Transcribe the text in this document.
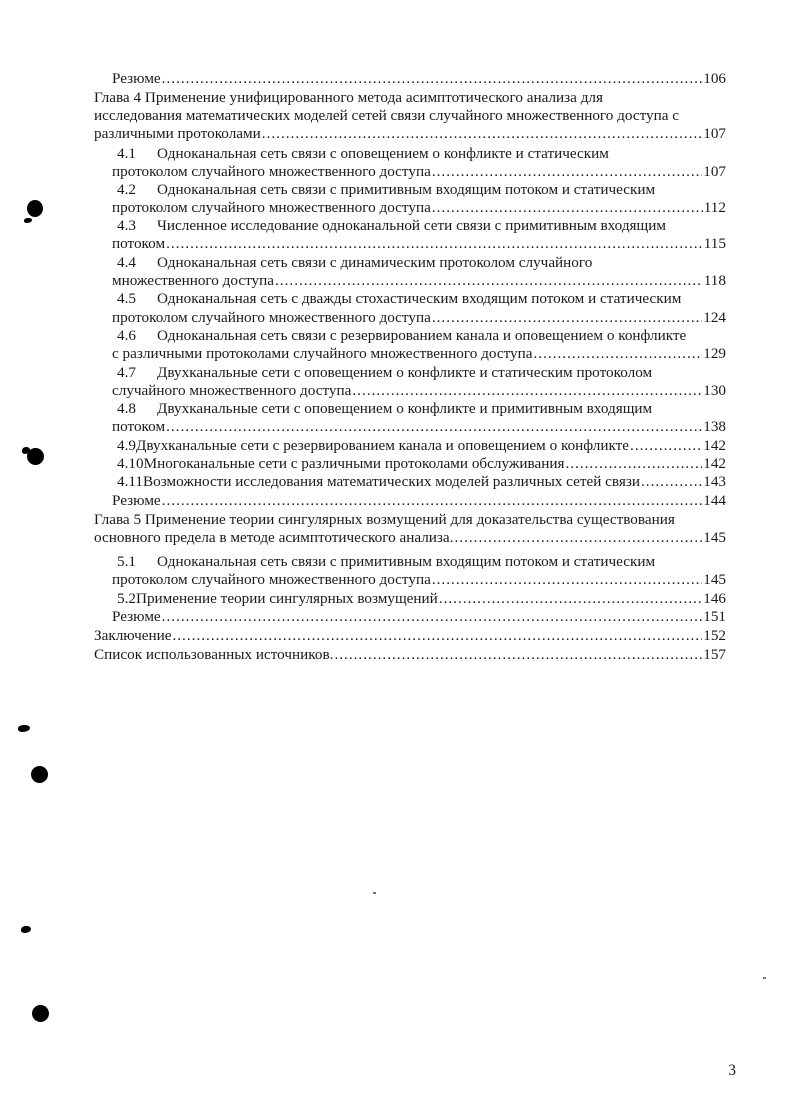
Резюме .....	106
Глава 4 Применение унифицированного метода асимптотического анализа для
исследования математических моделей сетей связи случайного множественного доступа с
различными протоколами .....	107
4.1 Одноканальная сеть связи с оповещением о конфликте и статическим
протоколом случайного множественного доступа .....	107
4.2 Одноканальная сеть связи с примитивным входящим потоком и статическим
протоколом случайного множественного доступа .....	112
4.3 Численное исследование одноканальной сети связи с примитивным входящим
потоком .....	115
4.4 Одноканальная сеть связи с динамическим протоколом случайного
множественного доступа .....	118
4.5 Одноканальная сеть с дважды стохастическим входящим потоком и статическим
протоколом случайного множественного доступа .....	124
4.6 Одноканальная сеть связи с резервированием канала и оповещением о конфликте
с различными протоколами случайного множественного доступа .....	129
4.7 Двухканальные сети с оповещением о конфликте и статическим протоколом
случайного множественного доступа .....	130
4.8 Двухканальные сети с оповещением о конфликте и примитивным входящим
потоком .....	138
4.9 Двухканальные сети с резервированием канала и оповещением о конфликте .....	142
4.10 Многоканальные сети с различными протоколами обслуживания .....	142
4.11 Возможности исследования математических моделей различных сетей связи .....	143
Резюме .....	144
Глава 5 Применение теории сингулярных возмущений для доказательства существования
основного предела в методе асимптотического анализа. .....	145
5.1 Одноканальная сеть связи с примитивным входящим потоком и статическим
протоколом случайного множественного доступа .....	145
5.2 Применение теории сингулярных возмущений .....	146
Резюме .....	151
Заключение .....	152
Список использованных источников. .....	157
3
